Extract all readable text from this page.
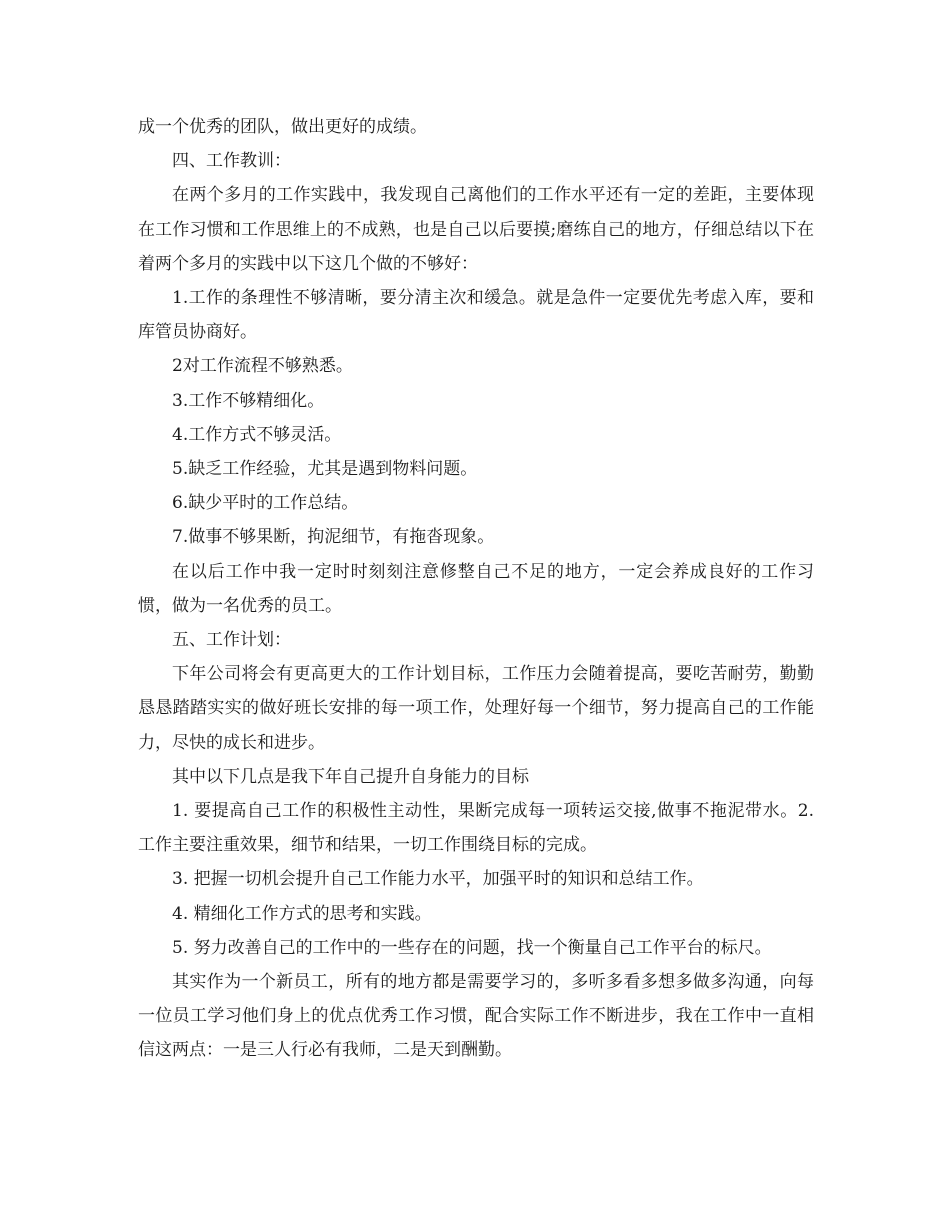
成一个优秀的团队，做出更好的成绩。

四、工作教训：

在两个多月的工作实践中，我发现自己离他们的工作水平还有一定的差距，主要体现在工作习惯和工作思维上的不成熟，也是自己以后要摸;磨练自己的地方，仔细总结以下在着两个多月的实践中以下这几个做的不够好：

1.工作的条理性不够清晰，要分清主次和缓急。就是急件一定要优先考虑入库，要和库管员协商好。

2对工作流程不够熟悉。

3.工作不够精细化。

4.工作方式不够灵活。

5.缺乏工作经验，尤其是遇到物料问题。

6.缺少平时的工作总结。

7.做事不够果断，拘泥细节，有拖沓现象。

在以后工作中我一定时时刻刻注意修整自己不足的地方，一定会养成良好的工作习惯，做为一名优秀的员工。

五、工作计划：

下年公司将会有更高更大的工作计划目标，工作压力会随着提高，要吃苦耐劳，勤勤恳恳踏踏实实的做好班长安排的每一项工作，处理好每一个细节，努力提高自己的工作能力，尽快的成长和进步。

其中以下几点是我下年自己提升自身能力的目标

1. 要提高自己工作的积极性主动性，果断完成每一项转运交接,做事不拖泥带水。2. 工作主要注重效果，细节和结果，一切工作围绕目标的完成。

3. 把握一切机会提升自己工作能力水平，加强平时的知识和总结工作。

4. 精细化工作方式的思考和实践。

5. 努力改善自己的工作中的一些存在的问题，找一个衡量自己工作平台的标尺。

其实作为一个新员工，所有的地方都是需要学习的，多听多看多想多做多沟通，向每一位员工学习他们身上的优点优秀工作习惯，配合实际工作不断进步，我在工作中一直相信这两点：一是三人行必有我师，二是天到酬勤。
